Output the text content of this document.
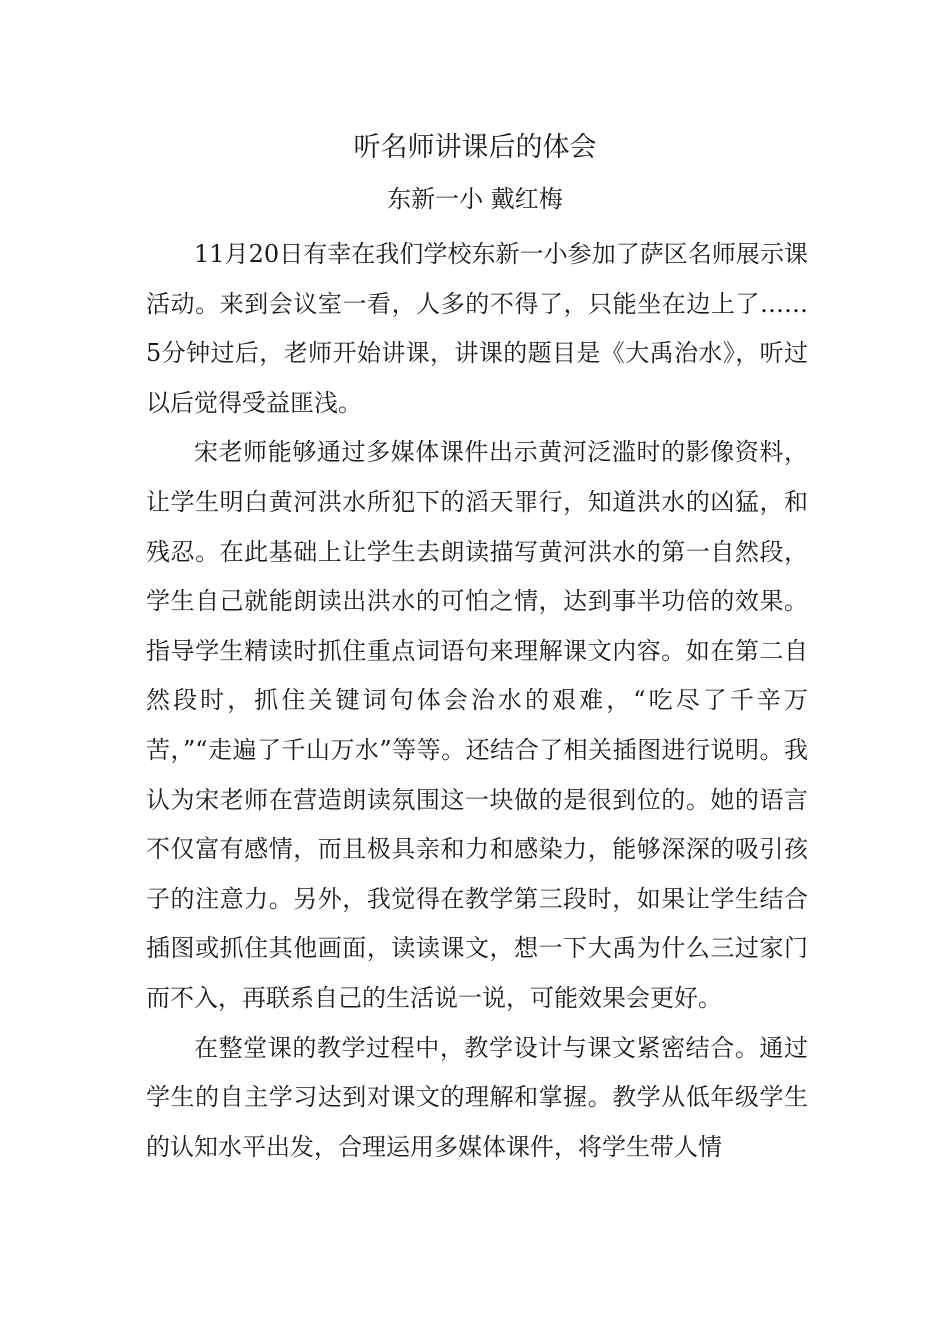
听名师讲课后的体会
东新一小 戴红梅

11月20日有幸在我们学校东新一小参加了萨区名师展示课活动。来到会议室一看，人多的不得了，只能坐在边上了……5分钟过后，老师开始讲课，讲课的题目是《大禹治水》，听过以后觉得受益匪浅。

宋老师能够通过多媒体课件出示黄河泛滥时的影像资料，让学生明白黄河洪水所犯下的滔天罪行，知道洪水的凶猛，和残忍。在此基础上让学生去朗读描写黄河洪水的第一自然段，学生自己就能朗读出洪水的可怕之情，达到事半功倍的效果。指导学生精读时抓住重点词语句来理解课文内容。如在第二自然段时，抓住关键词句体会治水的艰难，“吃尽了千辛万苦，”“走遍了千山万水”等等。还结合了相关插图进行说明。我认为宋老师在营造朗读氛围这一块做的是很到位的。她的语言不仅富有感情，而且极具亲和力和感染力，能够深深的吸引孩子的注意力。另外，我觉得在教学第三段时，如果让学生结合插图或抓住其他画面，读读课文，想一下大禹为什么三过家门而不入，再联系自己的生活说一说，可能效果会更好。

在整堂课的教学过程中，教学设计与课文紧密结合。通过学生的自主学习达到对课文的理解和掌握。教学从低年级学生的认知水平出发，合理运用多媒体课件，将学生带人情
